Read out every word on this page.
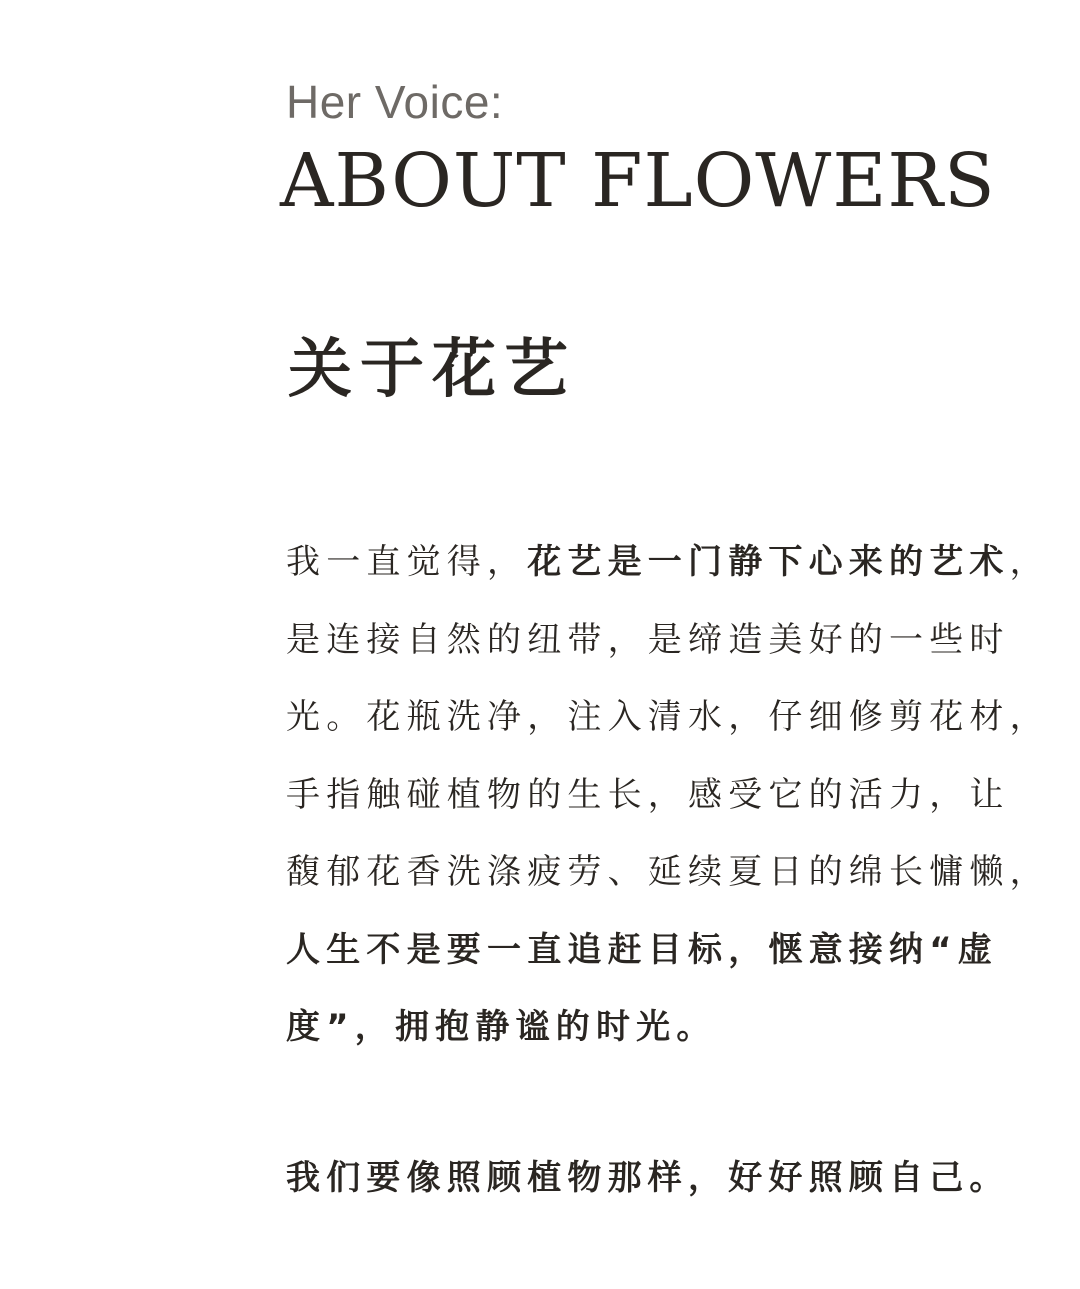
Her Voice:
ABOUT FLOWERS
关于花艺
我一直觉得，花艺是一门静下心来的艺术，
是连接自然的纽带，是缔造美好的一些时
光。花瓶洗净，注入清水，仔细修剪花材，
手指触碰植物的生长，感受它的活力，让
馥郁花香洗涤疲劳、延续夏日的绵长慵懒，
人生不是要一直追赶目标，惬意接纳“虚
度”，拥抱静谧的时光。
我们要像照顾植物那样，好好照顾自己。
